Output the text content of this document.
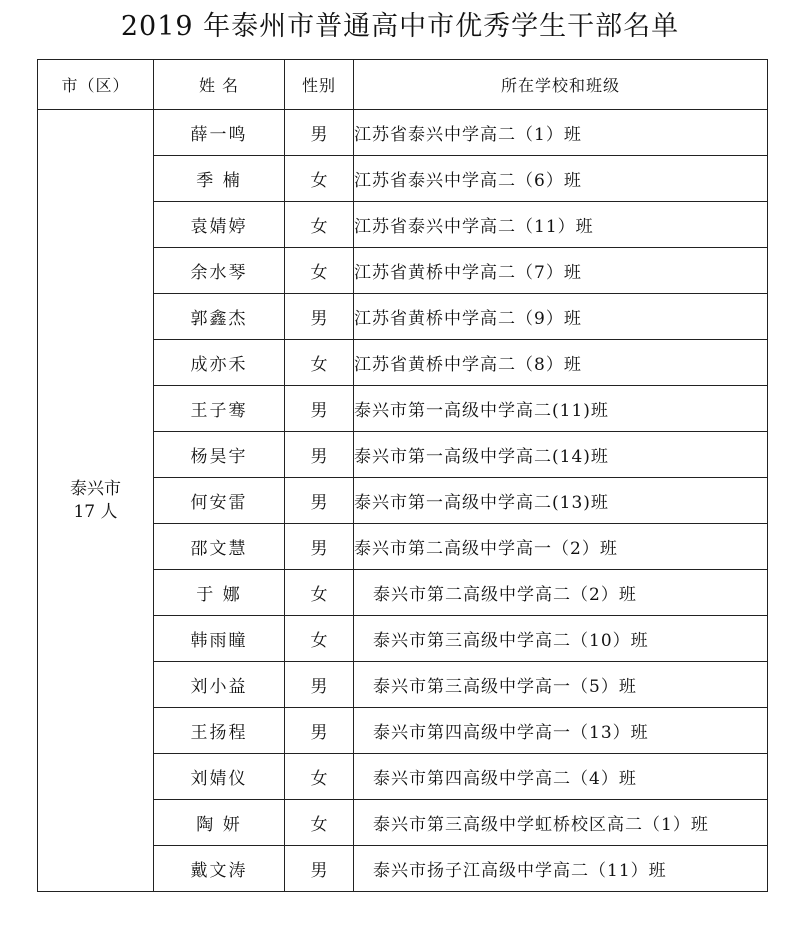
2019 年泰州市普通高中市优秀学生干部名单
市（区）	姓 名	性别	所在学校和班级

泰兴市
17 人	薛一鸣	男	江苏省泰兴中学高二（1）班
	季 楠	女	江苏省泰兴中学高二（6）班
	袁婧婷	女	江苏省泰兴中学高二（11）班
	余水琴	女	江苏省黄桥中学高二（7）班
	郭鑫杰	男	江苏省黄桥中学高二（9）班
	成亦禾	女	江苏省黄桥中学高二（8）班
	王子骞	男	泰兴市第一高级中学高二(11)班
	杨昊宇	男	泰兴市第一高级中学高二(14)班
	何安雷	男	泰兴市第一高级中学高二(13)班
	邵文慧	男	泰兴市第二高级中学高一（2）班
	于 娜	女	泰兴市第二高级中学高二（2）班
	韩雨瞳	女	泰兴市第三高级中学高二（10）班
	刘小益	男	泰兴市第三高级中学高一（5）班
	王扬程	男	泰兴市第四高级中学高一（13）班
	刘婧仪	女	泰兴市第四高级中学高二（4）班
	陶 妍	女	泰兴市第三高级中学虹桥校区高二（1）班
	戴文涛	男	泰兴市扬子江高级中学高二（11）班
